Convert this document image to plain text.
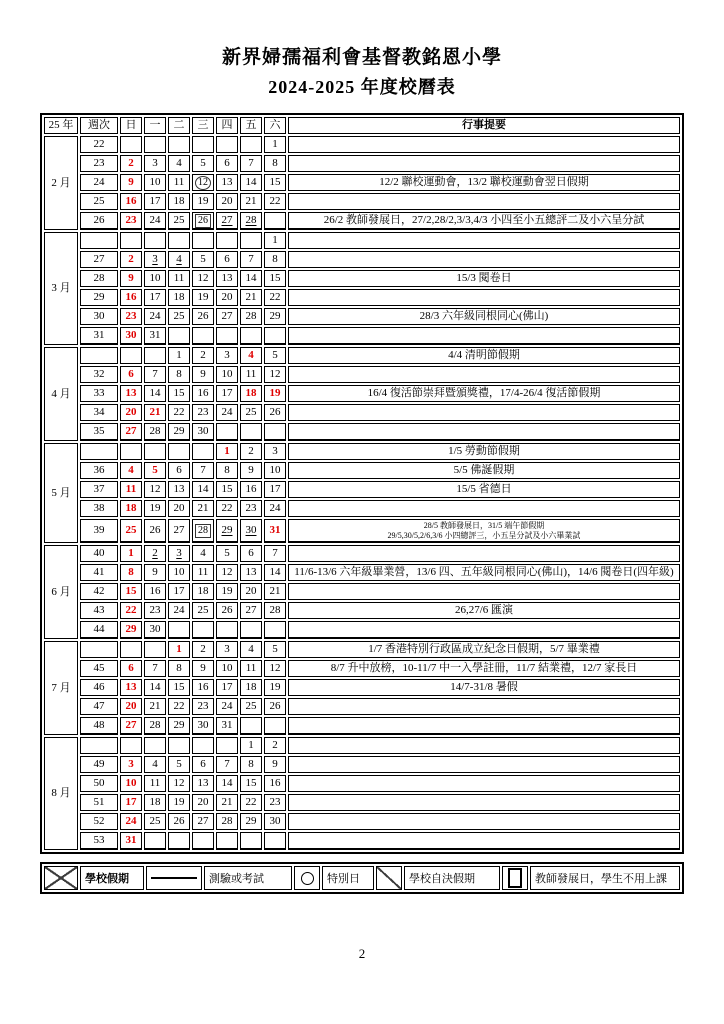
新界婦孺福利會基督教銘恩小學
2024-2025 年度校曆表
25 年	週次	日	一	二	三	四	五	六	行事提要
2 月	22							1	
	23	2	3	4	5	6	7	8	
	24	9	10	11	12	13	14	15	12/2 聯校運動會，13/2 聯校運動會翌日假期
	25	16	17	18	19	20	21	22	
	26	23	24	25	26	27	28		26/2 教師發展日，27/2,28/2,3/3,4/3 小四至小五總評二及小六呈分試
3 月								1	
	27	2	3	4	5	6	7	8	
	28	9	10	11	12	13	14	15	15/3 閱卷日
	29	16	17	18	19	20	21	22	
	30	23	24	25	26	27	28	29	28/3 六年級同根同心(佛山)
	31	30	31						
4 月				1	2	3	4	5	4/4 清明節假期
	32	6	7	8	9	10	11	12	
	33	13	14	15	16	17	18	19	16/4 復活節崇拜暨頒獎禮，17/4-26/4 復活節假期
	34	20	21	22	23	24	25	26	
	35	27	28	29	30				
5 月						1	2	3	1/5 勞動節假期
	36	4	5	6	7	8	9	10	5/5 佛誕假期
	37	11	12	13	14	15	16	17	15/5 省德日
	38	18	19	20	21	22	23	24	
	39	25	26	27	28	29	30	31	28/5 教師發展日，31/5 端午節假期
29/5,30/5,2/6,3/6 小四總評三，小五呈分試及小六畢業試

6 月	40	1	2	3	4	5	6	7	
	41	8	9	10	11	12	13	14	11/6-13/6 六年級畢業營，13/6 四、五年級同根同心(佛山)，14/6 閱卷日(四年級)
	42	15	16	17	18	19	20	21	
	43	22	23	24	25	26	27	28	26,27/6 匯演
	44	29	30						
7 月				1	2	3	4	5	1/7 香港特別行政區成立紀念日假期，5/7 畢業禮
	45	6	7	8	9	10	11	12	8/7 升中放榜，10-11/7 中一入學註冊，11/7 結業禮，12/7 家長日
	46	13	14	15	16	17	18	19	14/7-31/8 暑假
	47	20	21	22	23	24	25	26	
	48	27	28	29	30	31			
8 月							1	2	
	49	3	4	5	6	7	8	9	
	50	10	11	12	13	14	15	16	
	51	17	18	19	20	21	22	23	
	52	24	25	26	27	28	29	30	
	53	31							
學校假期	測驗或考試	特別日	學校自決假期	教師發展日，學生不用上課
2
